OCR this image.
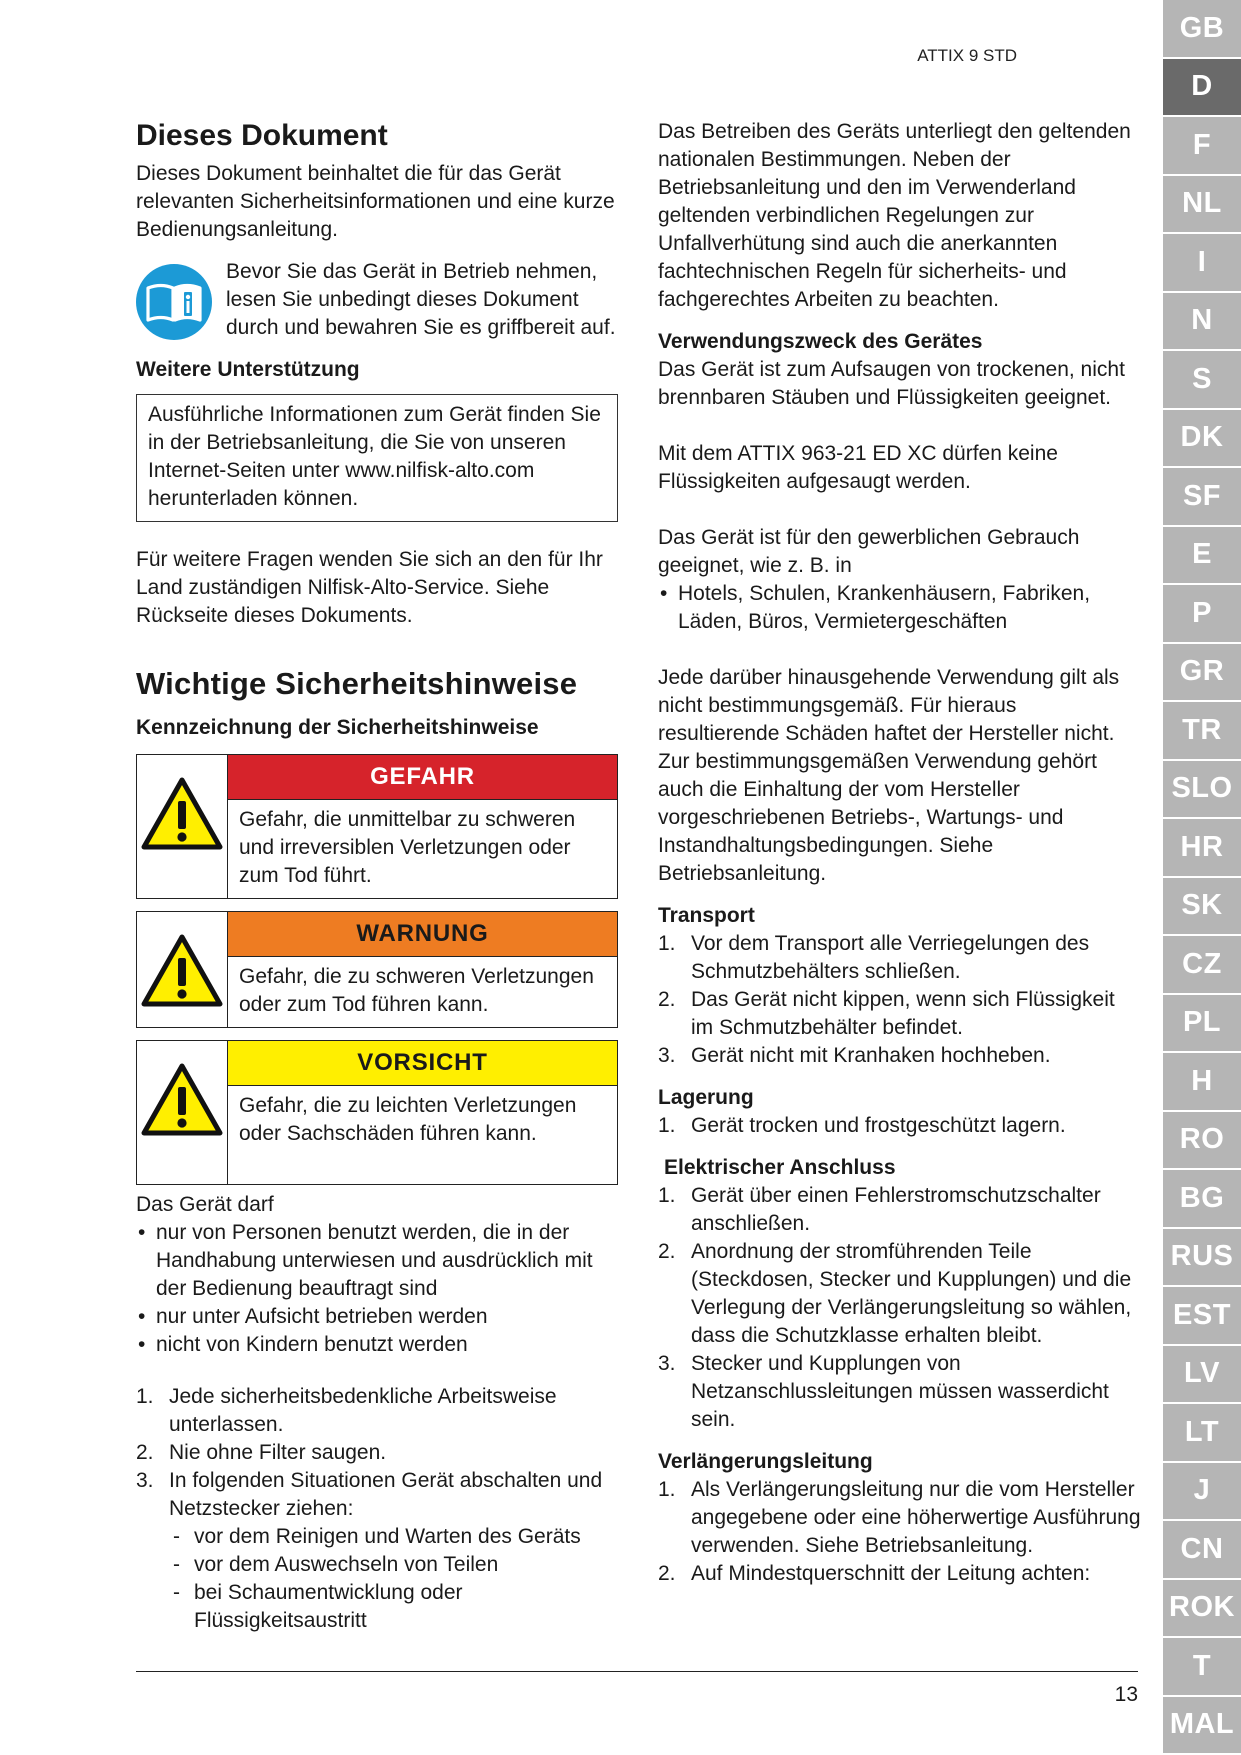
ATTIX 9 STD
GB
D
F
NL
I
N
S
DK
SF
E
P
GR
TR
SLO
HR
SK
CZ
PL
H
RO
BG
RUS
EST
LV
LT
J
CN
ROK
T
MAL
Dieses Dokument

Dieses Dokument beinhaltet die für das Gerät relevanten Sicherheitsinformationen und eine kurze Bedienungsanleitung.

Bevor Sie das Gerät in Betrieb nehmen, lesen Sie unbedingt dieses Dokument durch und bewahren Sie es griffbereit auf.

Weitere Unterstützung

Ausführliche Informationen zum Gerät finden Sie in der Betriebsanleitung, die Sie von unseren Internet-Seiten unter www.nilfisk-alto.com herunterladen können.

Für weitere Fragen wenden Sie sich an den für Ihr Land zuständigen Nilfisk-Alto-Service. Siehe Rückseite dieses Dokuments.

Wichtige Sicherheitshinweise
Kennzeichnung der Sicherheitshinweise
GEFAHR
Gefahr, die unmittelbar zu schweren und irreversiblen Verletzungen oder zum Tod führt.
WARNUNG
Gefahr, die zu schweren Verletzungen oder zum Tod führen kann.
VORSICHT
Gefahr, die zu leichten Verletzungen oder Sachschäden führen kann.

Das Gerät darf

• nur von Personen benutzt werden, die in der Handhabung unterwiesen und ausdrücklich mit der Bedienung beauftragt sind
• nur unter Aufsicht betrieben werden
• nicht von Kindern benutzt werden
1. Jede sicherheitsbedenkliche Arbeitsweise unterlassen.
2. Nie ohne Filter saugen.
3. In folgenden Situationen Gerät abschalten und Netzstecker ziehen:
- vor dem Reinigen und Warten des Geräts
- vor dem Auswechseln von Teilen
- bei Schaumentwicklung oder Flüssigkeitsaustritt

Das Betreiben des Geräts unterliegt den geltenden nationalen Bestimmungen. Neben der Betriebsanleitung und den im Verwenderland geltenden verbindlichen Regelungen zur Unfallverhütung sind auch die anerkannten fachtechnischen Regeln für sicherheits- und fachgerechtes Arbeiten zu beachten.

Verwendungszweck des Gerätes

Das Gerät ist zum Aufsaugen von trockenen, nicht brennbaren Stäuben und Flüssigkeiten geeignet.

Mit dem ATTIX 963-21 ED XC dürfen keine Flüssigkeiten aufgesaugt werden.

Das Gerät ist für den gewerblichen Gebrauch geeignet, wie z. B. in

• Hotels, Schulen, Krankenhäusern, Fabriken, Läden, Büros, Vermietergeschäften

Jede darüber hinausgehende Verwendung gilt als nicht bestimmungsgemäß. Für hieraus resultierende Schäden haftet der Hersteller nicht.

Zur bestimmungsgemäßen Verwendung gehört auch die Einhaltung der vom Hersteller vorgeschriebenen Betriebs-, Wartungs- und Instandhaltungsbedingungen. Siehe Betriebsanleitung.

Transport
1. Vor dem Transport alle Verriegelungen des Schmutzbehälters schließen.
2. Das Gerät nicht kippen, wenn sich Flüssigkeit im Schmutzbehälter befindet.
3. Gerät nicht mit Kranhaken hochheben.
Lagerung
1. Gerät trocken und frostgeschützt lagern.
Elektrischer Anschluss
1. Gerät über einen Fehlerstromschutzschalter anschließen.
2. Anordnung der stromführenden Teile (Steckdosen, Stecker und Kupplungen) und die Verlegung der Verlängerungsleitung so wählen, dass die Schutzklasse erhalten bleibt.
3. Stecker und Kupplungen von Netzanschlussleitungen müssen wasserdicht sein.
Verlängerungsleitung
1. Als Verlängerungsleitung nur die vom Hersteller angegebene oder eine höherwertige Ausführung verwenden. Siehe Betriebsanleitung.
2. Auf Mindestquerschnitt der Leitung achten:
13
